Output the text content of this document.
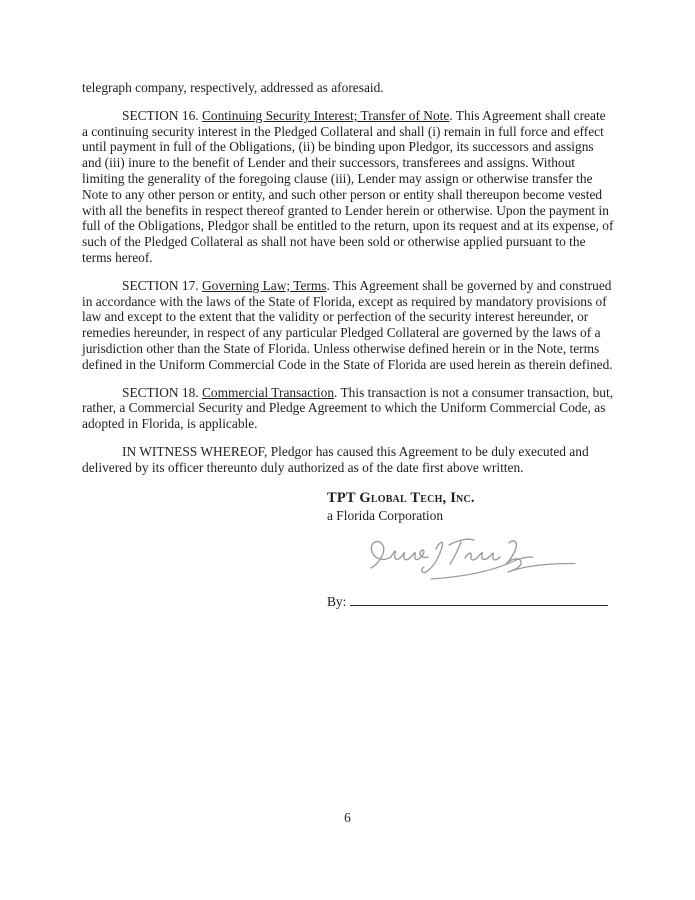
telegraph company, respectively, addressed as aforesaid.

SECTION 16. Continuing Security Interest; Transfer of Note. This Agreement shall create a continuing security interest in the Pledged Collateral and shall (i) remain in full force and effect until payment in full of the Obligations, (ii) be binding upon Pledgor, its successors and assigns and (iii) inure to the benefit of Lender and their successors, transferees and assigns. Without limiting the generality of the foregoing clause (iii), Lender may assign or otherwise transfer the Note to any other person or entity, and such other person or entity shall thereupon become vested with all the benefits in respect thereof granted to Lender herein or otherwise. Upon the payment in full of the Obligations, Pledgor shall be entitled to the return, upon its request and at its expense, of such of the Pledged Collateral as shall not have been sold or otherwise applied pursuant to the terms hereof.

SECTION 17. Governing Law; Terms. This Agreement shall be governed by and construed in accordance with the laws of the State of Florida, except as required by mandatory provisions of law and except to the extent that the validity or perfection of the security interest hereunder, or remedies hereunder, in respect of any particular Pledged Collateral are governed by the laws of a jurisdiction other than the State of Florida. Unless otherwise defined herein or in the Note, terms defined in the Uniform Commercial Code in the State of Florida are used herein as therein defined.

SECTION 18. Commercial Transaction. This transaction is not a consumer transaction, but, rather, a Commercial Security and Pledge Agreement to which the Uniform Commercial Code, as adopted in Florida, is applicable.

IN WITNESS WHEREOF, Pledgor has caused this Agreement to be duly executed and delivered by its officer thereunto duly authorized as of the date first above written.

TPT Global Tech, Inc.
a Florida Corporation
By:
6
